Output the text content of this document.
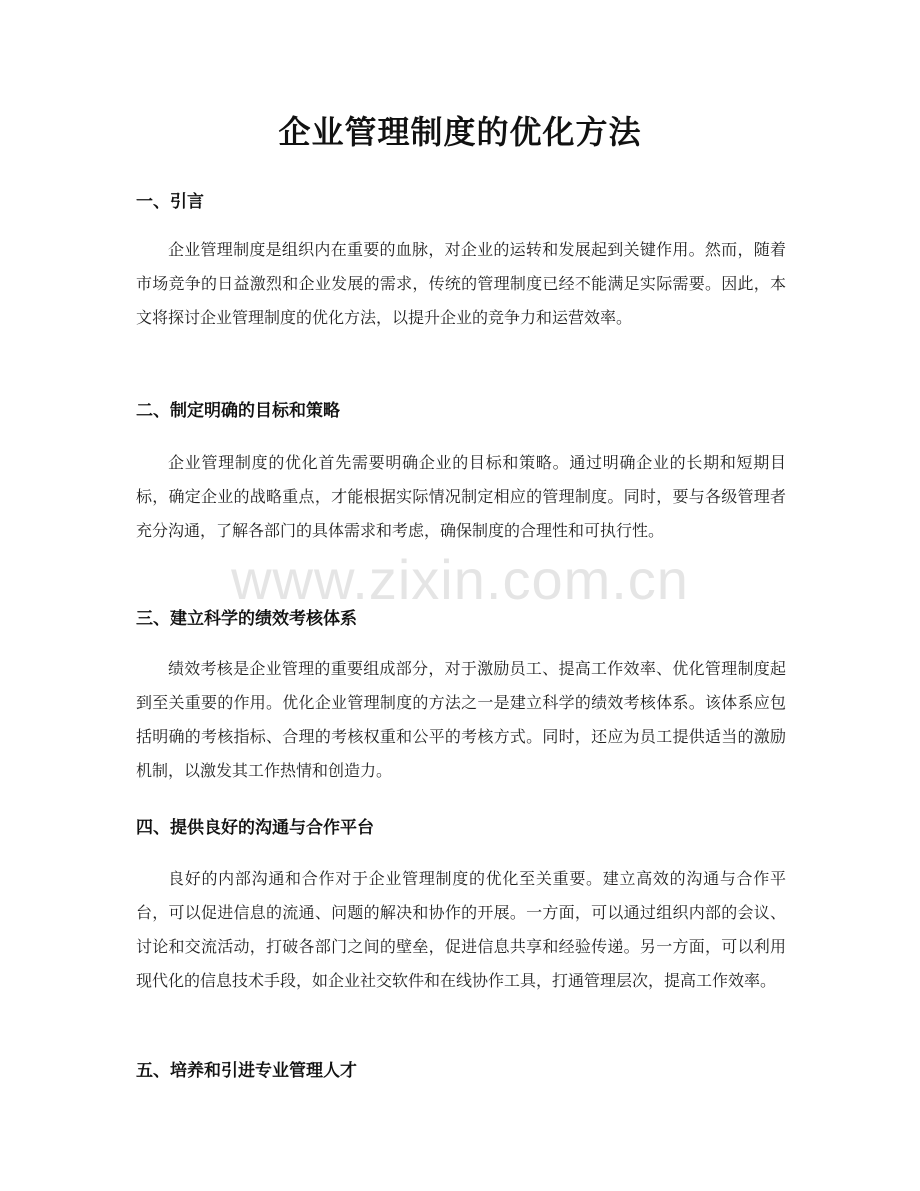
企业管理制度的优化方法
一、引言
企业管理制度是组织内在重要的血脉，对企业的运转和发展起到关键作用。然而，随着市场竞争的日益激烈和企业发展的需求，传统的管理制度已经不能满足实际需要。因此，本文将探讨企业管理制度的优化方法，以提升企业的竞争力和运营效率。
二、制定明确的目标和策略
企业管理制度的优化首先需要明确企业的目标和策略。通过明确企业的长期和短期目标，确定企业的战略重点，才能根据实际情况制定相应的管理制度。同时，要与各级管理者充分沟通，了解各部门的具体需求和考虑，确保制度的合理性和可执行性。
三、建立科学的绩效考核体系
绩效考核是企业管理的重要组成部分，对于激励员工、提高工作效率、优化管理制度起到至关重要的作用。优化企业管理制度的方法之一是建立科学的绩效考核体系。该体系应包括明确的考核指标、合理的考核权重和公平的考核方式。同时，还应为员工提供适当的激励机制，以激发其工作热情和创造力。
四、提供良好的沟通与合作平台
良好的内部沟通和合作对于企业管理制度的优化至关重要。建立高效的沟通与合作平台，可以促进信息的流通、问题的解决和协作的开展。一方面，可以通过组织内部的会议、讨论和交流活动，打破各部门之间的壁垒，促进信息共享和经验传递。另一方面，可以利用现代化的信息技术手段，如企业社交软件和在线协作工具，打通管理层次，提高工作效率。
五、培养和引进专业管理人才
www.zixin.com.cn
